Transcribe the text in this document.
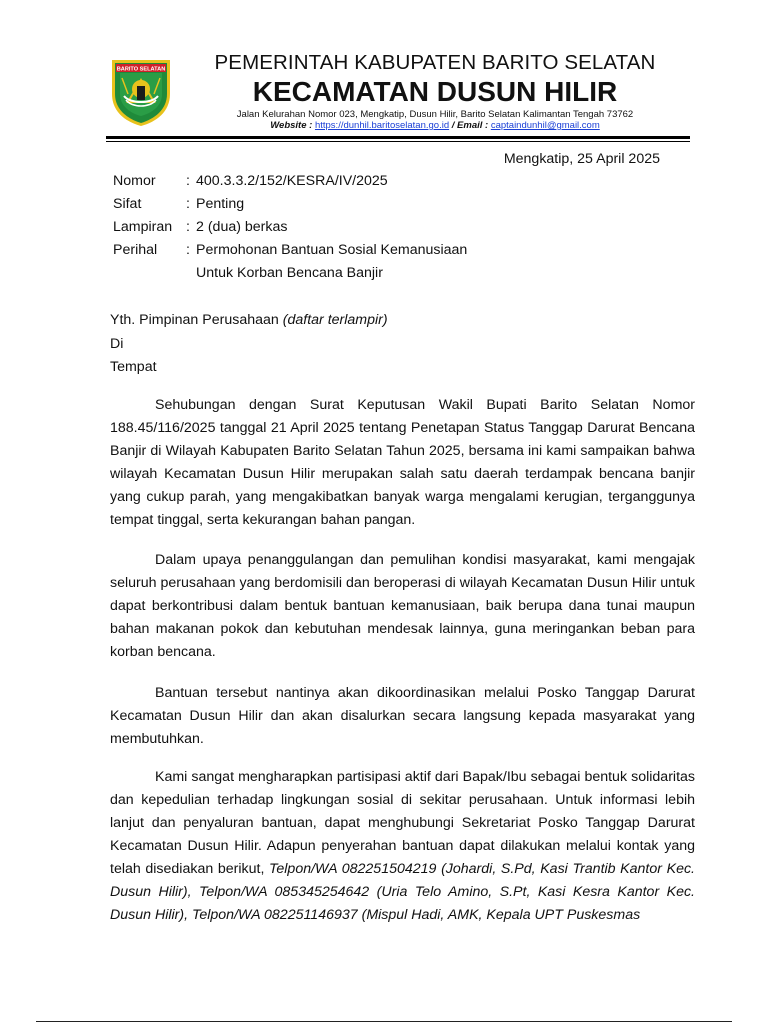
BARITO SELATAN	PEMERINTAH KABUPATEN BARITO SELATAN
KECAMATAN DUSUN HILIR
Jalan Kelurahan Nomor 023, Mengkatip, Dusun Hilir, Barito Selatan Kalimantan Tengah 73762
Website : https://dunhil.baritoselatan.go.id / Email : captaindunhil@gmail.com
Mengkatip, 25 April 2025
Nomor	: 400.3.3.2/152/KESRA/IV/2025
Sifat	: Penting
Lampiran : 2 (dua) berkas
Perihal	: Permohonan Bantuan Sosial Kemanusiaan
Untuk Korban Bencana Banjir
Yth. Pimpinan Perusahaan (daftar terlampir)
Di
Tempat

Sehubungan dengan Surat Keputusan Wakil Bupati Barito Selatan Nomor 188.45/116/2025 tanggal 21 April 2025 tentang Penetapan Status Tanggap Darurat Bencana Banjir di Wilayah Kabupaten Barito Selatan Tahun 2025, bersama ini kami sampaikan bahwa wilayah Kecamatan Dusun Hilir merupakan salah satu daerah terdampak bencana banjir yang cukup parah, yang mengakibatkan banyak warga mengalami kerugian, terganggunya tempat tinggal, serta kekurangan bahan pangan.

Dalam upaya penanggulangan dan pemulihan kondisi masyarakat, kami mengajak seluruh perusahaan yang berdomisili dan beroperasi di wilayah Kecamatan Dusun Hilir untuk dapat berkontribusi dalam bentuk bantuan kemanusiaan, baik berupa dana tunai maupun bahan makanan pokok dan kebutuhan mendesak lainnya, guna meringankan beban para korban bencana.

Bantuan tersebut nantinya akan dikoordinasikan melalui Posko Tanggap Darurat Kecamatan Dusun Hilir dan akan disalurkan secara langsung kepada masyarakat yang membutuhkan.

Kami sangat mengharapkan partisipasi aktif dari Bapak/Ibu sebagai bentuk solidaritas dan kepedulian terhadap lingkungan sosial di sekitar perusahaan. Untuk informasi lebih lanjut dan penyaluran bantuan, dapat menghubungi Sekretariat Posko Tanggap Darurat Kecamatan Dusun Hilir. Adapun penyerahan bantuan dapat dilakukan melalui kontak yang telah disediakan berikut, Telpon/WA 082251504219 (Johardi, S.Pd, Kasi Trantib Kantor Kec. Dusun Hilir), Telpon/WA 085345254642 (Uria Telo Amino, S.Pt, Kasi Kesra Kantor Kec. Dusun Hilir), Telpon/WA 082251146937 (Mispul Hadi, AMK, Kepala UPT Puskesmas
